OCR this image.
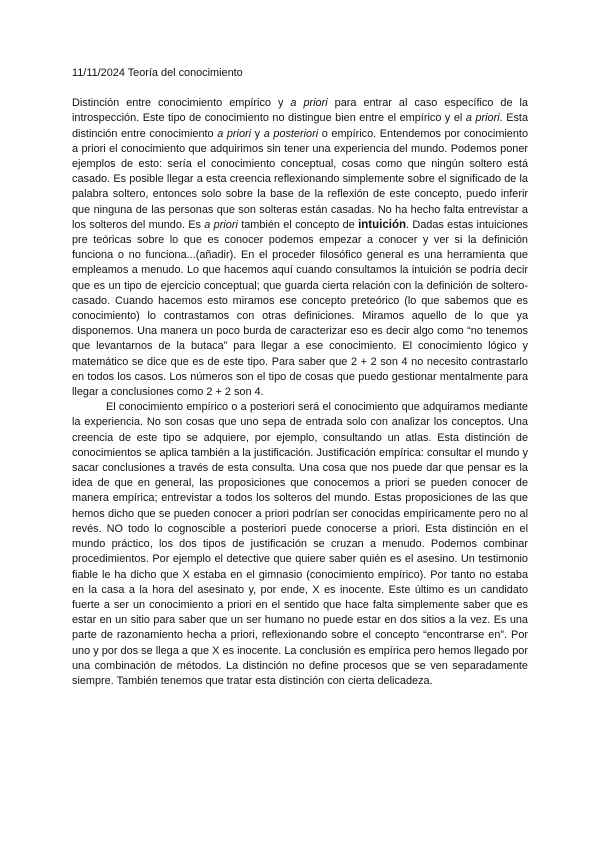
11/11/2024 Teoría del conocimiento

Distinción entre conocimiento empírico y a priori para entrar al caso específico de la introspección. Este tipo de conocimiento no distingue bien entre el empírico y el a priori. Esta distinción entre conocimiento a priori y a posteriori o empírico. Entendemos por conocimiento a priori el conocimiento que adquirimos sin tener una experiencia del mundo. Podemos poner ejemplos de esto: sería el conocimiento conceptual, cosas como que ningún soltero está casado. Es posible llegar a esta creencia reflexionando simplemente sobre el significado de la palabra soltero, entonces solo sobre la base de la reflexión de este concepto, puedo inferir que ninguna de las personas que son solteras están casadas. No ha hecho falta entrevistar a los solteros del mundo. Es a priori también el concepto de intuición. Dadas estas intuiciones pre teóricas sobre lo que es conocer podemos empezar a conocer y ver si la definición funciona o no funciona...(añadir). En el proceder filosófico general es una herramienta que empleamos a menudo. Lo que hacemos aquí cuando consultamos la intuición se podría decir que es un tipo de ejercicio conceptual; que guarda cierta relación con la definición de soltero- casado. Cuando hacemos esto miramos ese concepto preteórico (lo que sabemos que es conocimiento) lo contrastamos con otras definiciones. Miramos aquello de lo que ya disponemos. Una manera un poco burda de caracterizar eso es decir algo como “no tenemos que levantarnos de la butaca” para llegar a ese conocimiento. El conocimiento lógico y matemático se dice que es de este tipo. Para saber que 2 + 2 son 4 no necesito contrastarlo en todos los casos. Los números son el tipo de cosas que puedo gestionar mentalmente para llegar a conclusiones como 2 + 2 son 4.

El conocimiento empírico o a posteriori será el conocimiento que adquiramos mediante la experiencia. No son cosas que uno sepa de entrada solo con analizar los conceptos. Una creencia de este tipo se adquiere, por ejemplo, consultando un atlas. Esta distinción de conocimientos se aplica también a la justificación. Justificación empírica: consultar el mundo y sacar conclusiones a través de esta consulta. Una cosa que nos puede dar que pensar es la idea de que en general, las proposiciones que conocemos a priori se pueden conocer de manera empírica; entrevistar a todos los solteros del mundo. Estas proposiciones de las que hemos dicho que se pueden conocer a priori podrían ser conocidas empíricamente pero no al revés. NO todo lo cognoscible a posteriori puede conocerse a priori. Esta distinción en el mundo práctico, los dos tipos de justificación se cruzan a menudo. Podemos combinar procedimientos. Por ejemplo el detective que quiere saber quién es el asesino. Un testimonio fiable le ha dicho que X estaba en el gimnasio (conocimiento empírico). Por tanto no estaba en la casa a la hora del asesinato y, por ende, X es inocente. Este último es un candidato fuerte a ser un conocimiento a priori en el sentido que hace falta simplemente saber que es estar en un sitio para saber que un ser humano no puede estar en dos sitios a la vez. Es una parte de razonamiento hecha a priori, reflexionando sobre el concepto “encontrarse en”. Por uno y por dos se llega a que X es inocente. La conclusión es empírica pero hemos llegado por una combinación de métodos. La distinción no define procesos que se ven separadamente siempre. También tenemos que tratar esta distinción con cierta delicadeza.
